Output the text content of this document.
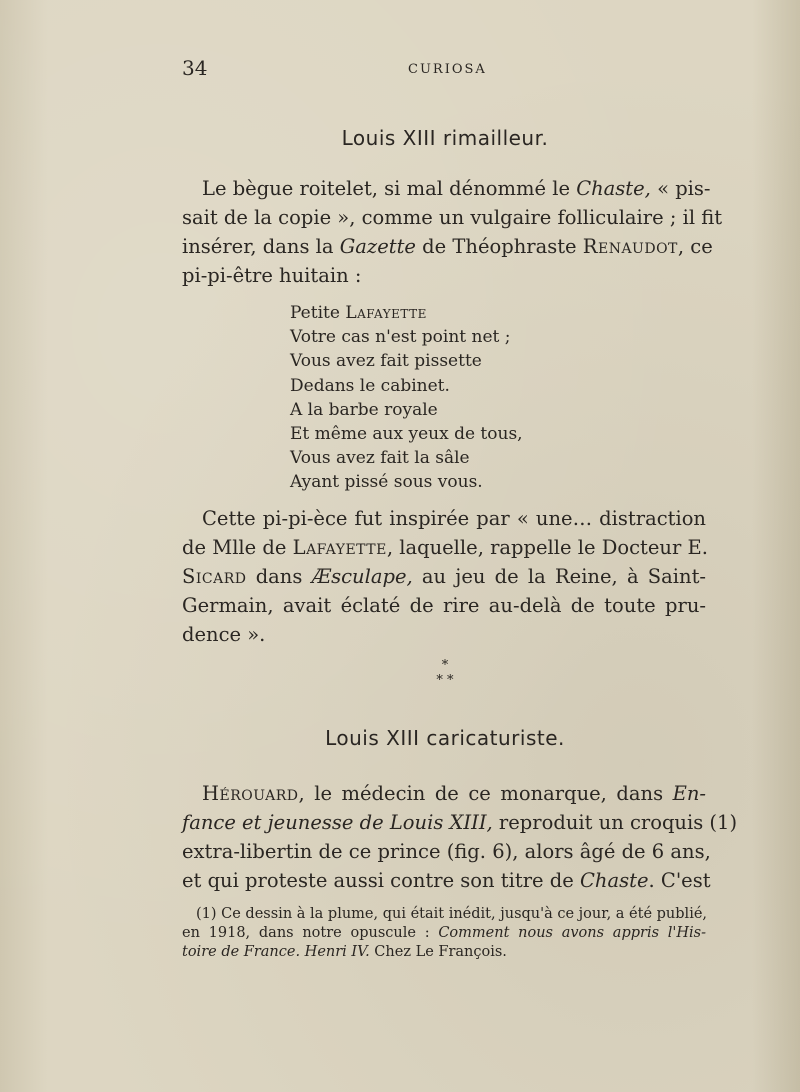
34	CURIOSA
Louis XIII rimailleur.

Le bègue roitelet, si mal dénommé le Chaste, « pis-
sait de la copie », comme un vulgaire folliculaire ; il fit
insérer, dans la Gazette de Théophraste Renaudot, ce
pi-pi-être huitain :

Petite Lafayette
Votre cas n'est point net ;
Vous avez fait pissette
Dedans le cabinet.
A la barbe royale
Et même aux yeux de tous,
Vous avez fait la sâle
Ayant pissé sous vous.

Cette pi-pi-èce fut inspirée par « une… distraction
de Mlle de Lafayette, laquelle, rappelle le Docteur E.
Sicard dans Æsculape, au jeu de la Reine, à Saint-
Germain, avait éclaté de rire au-delà de toute pru-
dence ».

*
* *
Louis XIII caricaturiste.

Hérouard, le médecin de ce monarque, dans En-
fance et jeunesse de Louis XIII, reproduit un croquis (1)
extra-libertin de ce prince (fig. 6), alors âgé de 6 ans,
et qui proteste aussi contre son titre de Chaste. C'est

(1) Ce dessin à la plume, qui était inédit, jusqu'à ce jour, a été publié,
en 1918, dans notre opuscule : Comment nous avons appris l'His-
toire de France. Henri IV. Chez Le François.
